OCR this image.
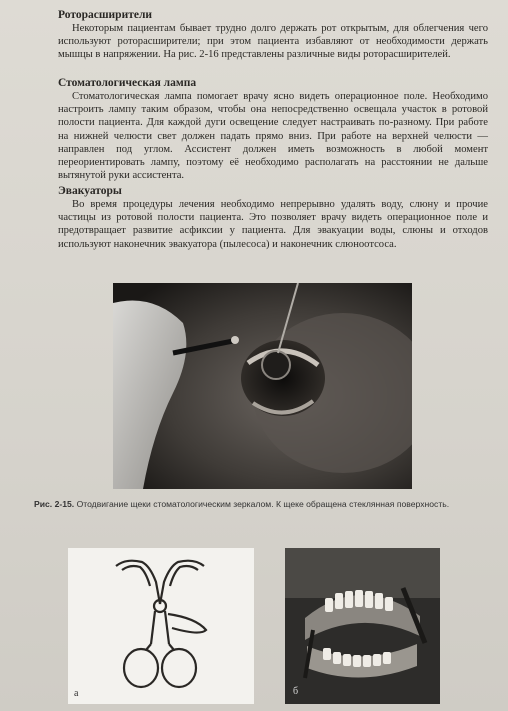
Роторасширители

Некоторым пациентам бывает трудно долго держать рот открытым, для облегчения чего используют роторасширители; при этом пациента избавляют от необходимости держать мышцы в напряжении. На рис. 2-16 представлены различные виды роторасширителей.

Стоматологическая лампа

Стоматологическая лампа помогает врачу ясно видеть операционное поле. Необходимо настроить лампу таким образом, чтобы она непосредственно освещала участок в ротовой полости пациента. Для каждой дуги освещение следует настраивать по-разному. При работе на нижней челюсти свет должен падать прямо вниз. При работе на верхней челюсти — направлен под углом. Ассистент должен иметь возможность в любой момент переориентировать лампу, поэтому её необходимо располагать на расстоянии не дальше вытянутой руки ассистента.

Эвакуаторы

Во время процедуры лечения необходимо непрерывно удалять воду, слюну и прочие частицы из ротовой полости пациента. Это позволяет врачу видеть операционное поле и предотвращает развитие асфиксии у пациента. Для эвакуации воды, слюны и отходов используют наконечник эвакуатора (пылесоса) и наконечник слюноотсоса.

Рис. 2-15. Отодвигание щеки стоматологическим зеркалом. К щеке обращена стеклянная поверхность.
а	б
